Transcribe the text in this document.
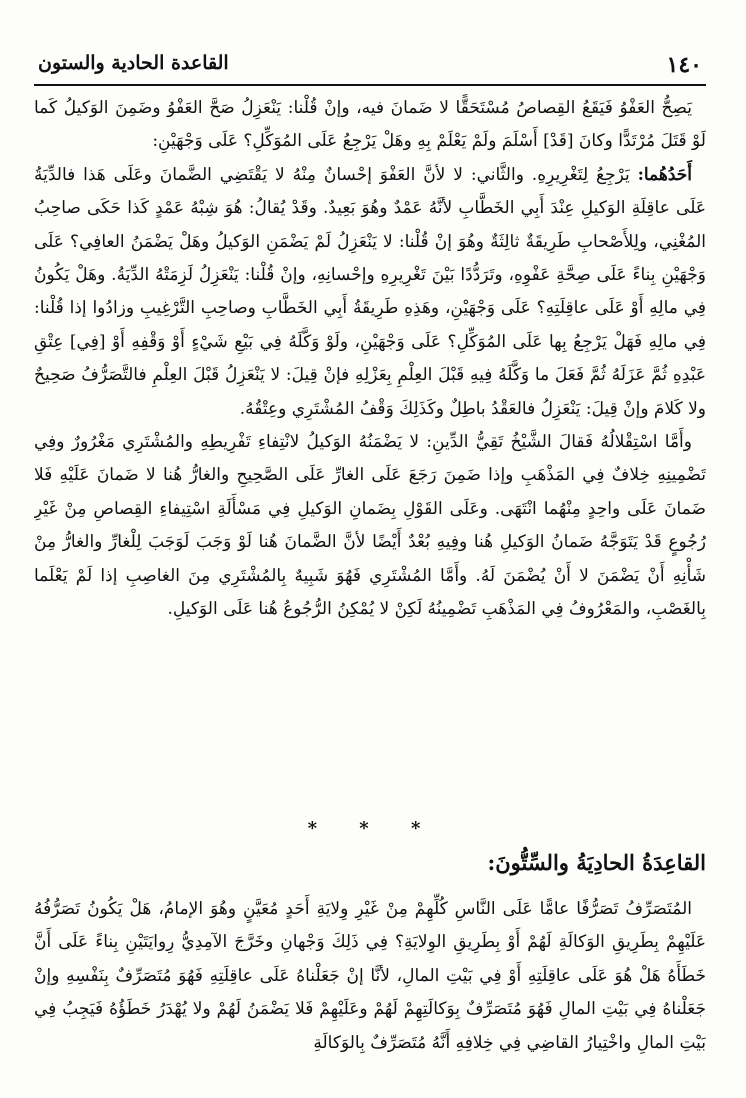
١٤٠
القاعدة الحادية والستون

يَصِحُّ العَفْوُ فَيَقَعُ القِصاصُ مُسْتَحَقًّا لا ضَمانَ فيه، وإنْ قُلْنا: يَنْعَزِلُ صَحَّ العَفْوُ وضَمِنَ الوَكيلُ كَما لَوْ قَتَلَ مُرْتَدًّا وكانَ [قَدْ] أَسْلَمَ ولَمْ يَعْلَمْ بِهِ وهَلْ يَرْجِعُ عَلَى المُوَكِّلِ؟ عَلَى وَجْهَيْنِ:

أَحَدُهُما: يَرْجِعُ لِتَغْرِيرِهِ. والثَّاني: لا لأنَّ العَفْوَ إحْسانٌ مِنْهُ لا يَقْتَضِي الضَّمانَ وعَلَى هَذا فالدِّيَةُ عَلَى عاقِلَةِ الوَكيلِ عِنْدَ أَبِي الخَطَّابِ لأنَّهُ عَمْدٌ وهُوَ بَعِيدٌ. وقَدْ يُقالُ: هُوَ شِبْهُ عَمْدٍ كَذا حَكَى صاحِبُ المُغْنِي، ولِلأَصْحابِ طَرِيقَةٌ ثالِثَةٌ وهُوَ إنْ قُلْنا: لا يَنْعَزِلُ لَمْ يَضْمَنِ الوَكيلُ وهَلْ يَضْمَنُ العافِي؟ عَلَى وَجْهَيْنِ بِناءً عَلَى صِحَّةِ عَفْوِهِ، وتَرَدُّدًا بَيْنَ تَغْرِيرِهِ وإحْسانِهِ، وإنْ قُلْنا: يَنْعَزِلُ لَزِمَتْهُ الدِّيَةُ. وهَلْ يَكُونُ فِي مالِهِ أَوْ عَلَى عاقِلَتِهِ؟ عَلَى وَجْهَيْنِ، وهَذِهِ طَرِيقَةُ أَبِي الخَطَّابِ وصاحِبِ التَّرْغِيبِ وزادُوا إذا قُلْنا: فِي مالِهِ فَهَلْ يَرْجِعُ بِها عَلَى المُوَكِّلِ؟ عَلَى وَجْهَيْنِ، ولَوْ وَكَّلَهُ فِي بَيْعِ شَيْءٍ أَوْ وَقْفِهِ أَوْ [فِي] عِتْقِ عَبْدِهِ ثُمَّ عَزَلَهُ ثُمَّ فَعَلَ ما وَكَّلَهُ فِيهِ قَبْلَ العِلْمِ بِعَزْلِهِ فإنْ قِيلَ: لا يَنْعَزِلُ قَبْلَ العِلْمِ فالتَّصَرُّفُ صَحِيحٌ ولا كَلامَ وإنْ قِيلَ: يَنْعَزِلُ فالعَقْدُ باطِلٌ وكَذَلِكَ وَقْفُ المُشْتَرِي وعِتْقُهُ.

وأَمَّا اسْتِقْلالُهُ فَقالَ الشَّيْخُ تَقِيُّ الدِّينِ: لا يَضْمَنُهُ الوَكيلُ لانْتِفاءِ تَفْرِيطِهِ والمُشْتَرِي مَغْرُورٌ وفِي تَضْمِينِهِ خِلافٌ فِي المَذْهَبِ وإذا ضَمِنَ رَجَعَ عَلَى الغارِّ عَلَى الصَّحِيحِ والغارُّ هُنا لا ضَمانَ عَلَيْهِ فَلا ضَمانَ عَلَى واحِدٍ مِنْهُما انْتَهَى. وعَلَى القَوْلِ بِضَمانِ الوَكيلِ فِي مَسْأَلَةِ اسْتِيفاءِ القِصاصِ مِنْ غَيْرِ رُجُوعٍ قَدْ يَتَوَجَّهُ ضَمانُ الوَكيلِ هُنا وفِيهِ بُعْدٌ أَيْضًا لأنَّ الضَّمانَ هُنا لَوْ وَجَبَ لَوَجَبَ لِلْغارِّ والغارُّ مِنْ شَأْنِهِ أَنْ يَضْمَنَ لا أَنْ يُضْمَنَ لَهُ. وأَمَّا المُشْتَرِي فَهُوَ شَبِيهٌ بِالمُشْتَرِي مِنَ الغاصِبِ إذا لَمْ يَعْلَما بِالغَصْبِ، والمَعْرُوفُ فِي المَذْهَبِ تَضْمِينُهُ لَكِنْ لا يُمْكِنُ الرُّجُوعُ هُنا عَلَى الوَكيلِ.

* * *
القاعِدَةُ الحادِيَةُ والسِّتُّونَ:

المُتَصَرِّفُ تَصَرُّفًا عامًّا عَلَى النَّاسِ كُلِّهِمْ مِنْ غَيْرِ وِلايَةِ أَحَدٍ مُعَيَّنٍ وهُوَ الإمامُ، هَلْ يَكُونُ تَصَرُّفُهُ عَلَيْهِمْ بِطَرِيقِ الوَكالَةِ لَهُمْ أَوْ بِطَرِيقِ الوِلايَةِ؟ فِي ذَلِكَ وَجْهانِ وخَرَّجَ الآمِدِيُّ رِوايَتَيْنِ بِناءً عَلَى أَنَّ خَطَأَهُ هَلْ هُوَ عَلَى عاقِلَتِهِ أَوْ فِي بَيْتِ المالِ، لأنَّا إنْ جَعَلْناهُ عَلَى عاقِلَتِهِ فَهُوَ مُتَصَرِّفٌ بِنَفْسِهِ وإنْ جَعَلْناهُ فِي بَيْتِ المالِ فَهُوَ مُتَصَرِّفٌ بِوَكالَتِهِمْ لَهُمْ وعَلَيْهِمْ فَلا يَضْمَنُ لَهُمْ ولا يُهْدَرُ خَطَؤُهُ فَيَجِبُ فِي بَيْتِ المالِ واخْتِيارُ القاضِي فِي خِلافِهِ أَنَّهُ مُتَصَرِّفٌ بِالوَكالَةِ
